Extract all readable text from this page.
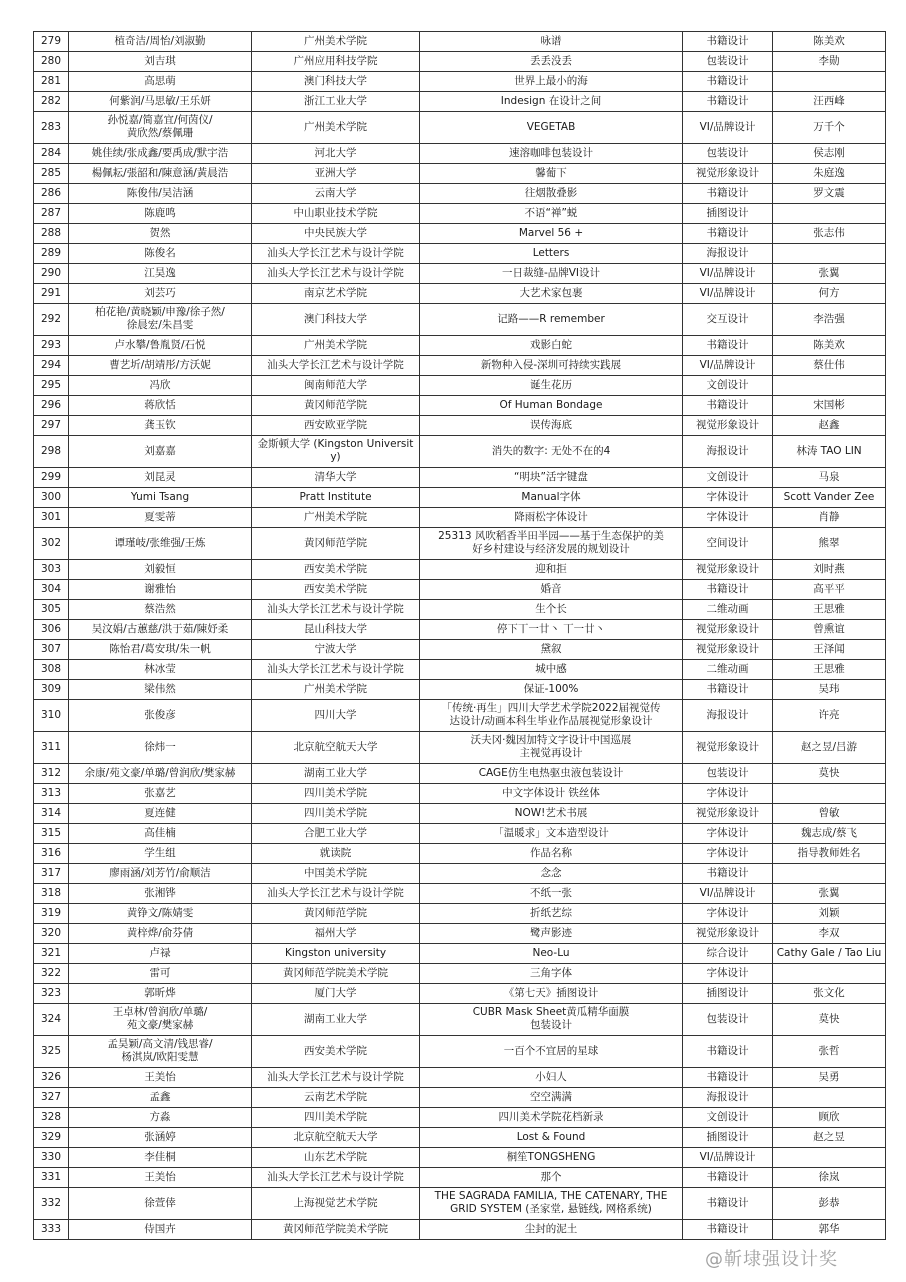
279	植奇洁/周怡/刘淑勤	广州美术学院	咏谱	书籍设计	陈美欢
280	刘吉琪	广州应用科技学院	丢丢没丢	包装设计	李勋
281	高思萌	澳门科技大学	世界上最小的海	书籍设计	
282	何紫润/马思敏/王乐妍	浙江工业大学	Indesign 在设计之间	书籍设计	汪西峰
283	孙悦嘉/简嘉宜/何茵仪/
黄欣然/蔡佩珊	广州美术学院	VEGETAB	VI/品牌设计	万千个
284	姚佳续/张成鑫/要禹成/默宇浩	河北大学	速溶咖啡包装设计	包装设计	侯志刚
285	楊佩耘/張韶和/陳意涵/黃晨浩	亚洲大学	馨葡下	视觉形象设计	朱庭逸
286	陈俊伟/吴洁涵	云南大学	往烟散叠影	书籍设计	罗文震
287	陈鹿鸣	中山职业技术学院	不语“禅”蜕	插图设计	
288	贺然	中央民族大学	Marvel 56 +	书籍设计	张志伟
289	陈俊名	汕头大学长江艺术与设计学院	Letters	海报设计	
290	江昊逸	汕头大学长江艺术与设计学院	一日裁缝-品牌VI设计	VI/品牌设计	张翼
291	刘芸巧	南京艺术学院	大艺术家包裹	VI/品牌设计	何方
292	柏花艳/黄晓颖/申豫/徐子然/
徐晨宏/朱昌雯	澳门科技大学	记路——R remember	交互设计	李浩强
293	卢水攀/鲁胤贤/石悦	广州美术学院	戏影白蛇	书籍设计	陈美欢
294	曹艺圻/胡靖彤/方沃妮	汕头大学长江艺术与设计学院	新物种入侵-深圳可持续实践展	VI/品牌设计	蔡仕伟
295	冯欣	闽南师范大学	诞生花历	文创设计	
296	蒋欣恬	黄冈师范学院	Of Human Bondage	书籍设计	宋国彬
297	龚玉钦	西安欧亚学院	误传海底	视觉形象设计	赵鑫
298	刘嘉嘉	金斯顿大学 (Kingston University)	消失的数字: 无处不在的4	海报设计	林涛 TAO LIN
299	刘昆灵	清华大学	“明块”活字键盘	文创设计	马泉
300	Yumi Tsang	Pratt Institute	Manual字体	字体设计	Scott Vander Zee
301	夏雯蒂	广州美术学院	降雨松字体设计	字体设计	肖静
302	谭瑾岐/张维强/王炼	黄冈师范学院	25313 风吹稻香半田半园——基于生态保护的美
好乡村建设与经济发展的规划设计	空间设计	熊翠
303	刘毅恒	西安美术学院	迎和拒	视觉形象设计	刘时燕
304	谢雅怡	西安美术学院	婚音	书籍设计	高平平
305	蔡浩然	汕头大学长江艺术与设计学院	生个长	二维动画	王思雅
306	吴汶娟/古蕙慈/洪于茹/陳妤柔	昆山科技大学	停下丅一廿丶 丅一廿丶	视觉形象设计	曾熏谊
307	陈怡君/葛安琪/朱一帆	宁波大学	黛叙	视觉形象设计	王泽闻
308	林冰莹	汕头大学长江艺术与设计学院	城中感	二维动画	王思雅
309	梁伟然	广州美术学院	保证-100%	书籍设计	吴玮
310	张俊彦	四川大学	「传统·再生」四川大学艺术学院2022届视觉传
达设计/动画本科生毕业作品展视觉形象设计	海报设计	许亮
311	徐炜一	北京航空航天大学	沃夫冈·魏因加特文字设计中国巡展
主视觉再设计	视觉形象设计	赵之昱/吕游
312	余康/苑文豪/单璐/曾润欣/樊家赫	湖南工业大学	CAGE仿生电热驱虫液包装设计	包装设计	莫快
313	张嘉艺	四川美术学院	中文字体设计 铁丝体	字体设计	
314	夏连健	四川美术学院	NOW!艺术书展	视觉形象设计	曾敏
315	高佳楠	合肥工业大学	「温暖求」文本造型设计	字体设计	魏志成/蔡飞
316	学生组	就读院	作品名称	字体设计	指导教师姓名
317	廖雨涵/刘芳竹/俞顺洁	中国美术学院	念念	书籍设计	
318	张湘铧	汕头大学长江艺术与设计学院	不纸一张	VI/品牌设计	张翼
319	黄铮文/陈婧雯	黄冈师范学院	折纸艺综	字体设计	刘颖
320	黄梓烨/俞芬倩	福州大学	鹭声影迹	视觉形象设计	李双
321	卢禄	Kingston university	Neo-Lu	综合设计	Cathy Gale / Tao Liu
322	雷可	黄冈师范学院美术学院	三角字体	字体设计	
323	郭昕烨	厦门大学	《第七天》插图设计	插图设计	张文化
324	王卓林/曾润欣/单璐/
苑文豪/樊家赫	湖南工业大学	CUBR Mask Sheet黄瓜精华面膜
包装设计	包装设计	莫快
325	孟昊颖/高文清/钱思睿/
杨淇岚/欧阳雯慧	西安美术学院	一百个不宜居的星球	书籍设计	张哲
326	王美怡	汕头大学长江艺术与设计学院	小妇人	书籍设计	吴勇
327	孟鑫	云南艺术学院	空空满满	海报设计	
328	方淼	四川美术学院	四川美术学院花档新录	文创设计	顾欣
329	张涵婷	北京航空航天大学	Lost & Found	插图设计	赵之昱
330	李佳桐	山东艺术学院	桐笙TONGSHENG	VI/品牌设计	
331	王美怡	汕头大学长江艺术与设计学院	那个	书籍设计	徐岚
332	徐萱倖	上海视觉艺术学院	THE SAGRADA FAMILIA, THE CATENARY, THE
GRID SYSTEM (圣家堂, 悬链线, 网格系统)	书籍设计	彭恭
333	侍国卉	黄冈师范学院美术学院	尘封的泥土	书籍设计	郭华
@靳埭强设计奖
